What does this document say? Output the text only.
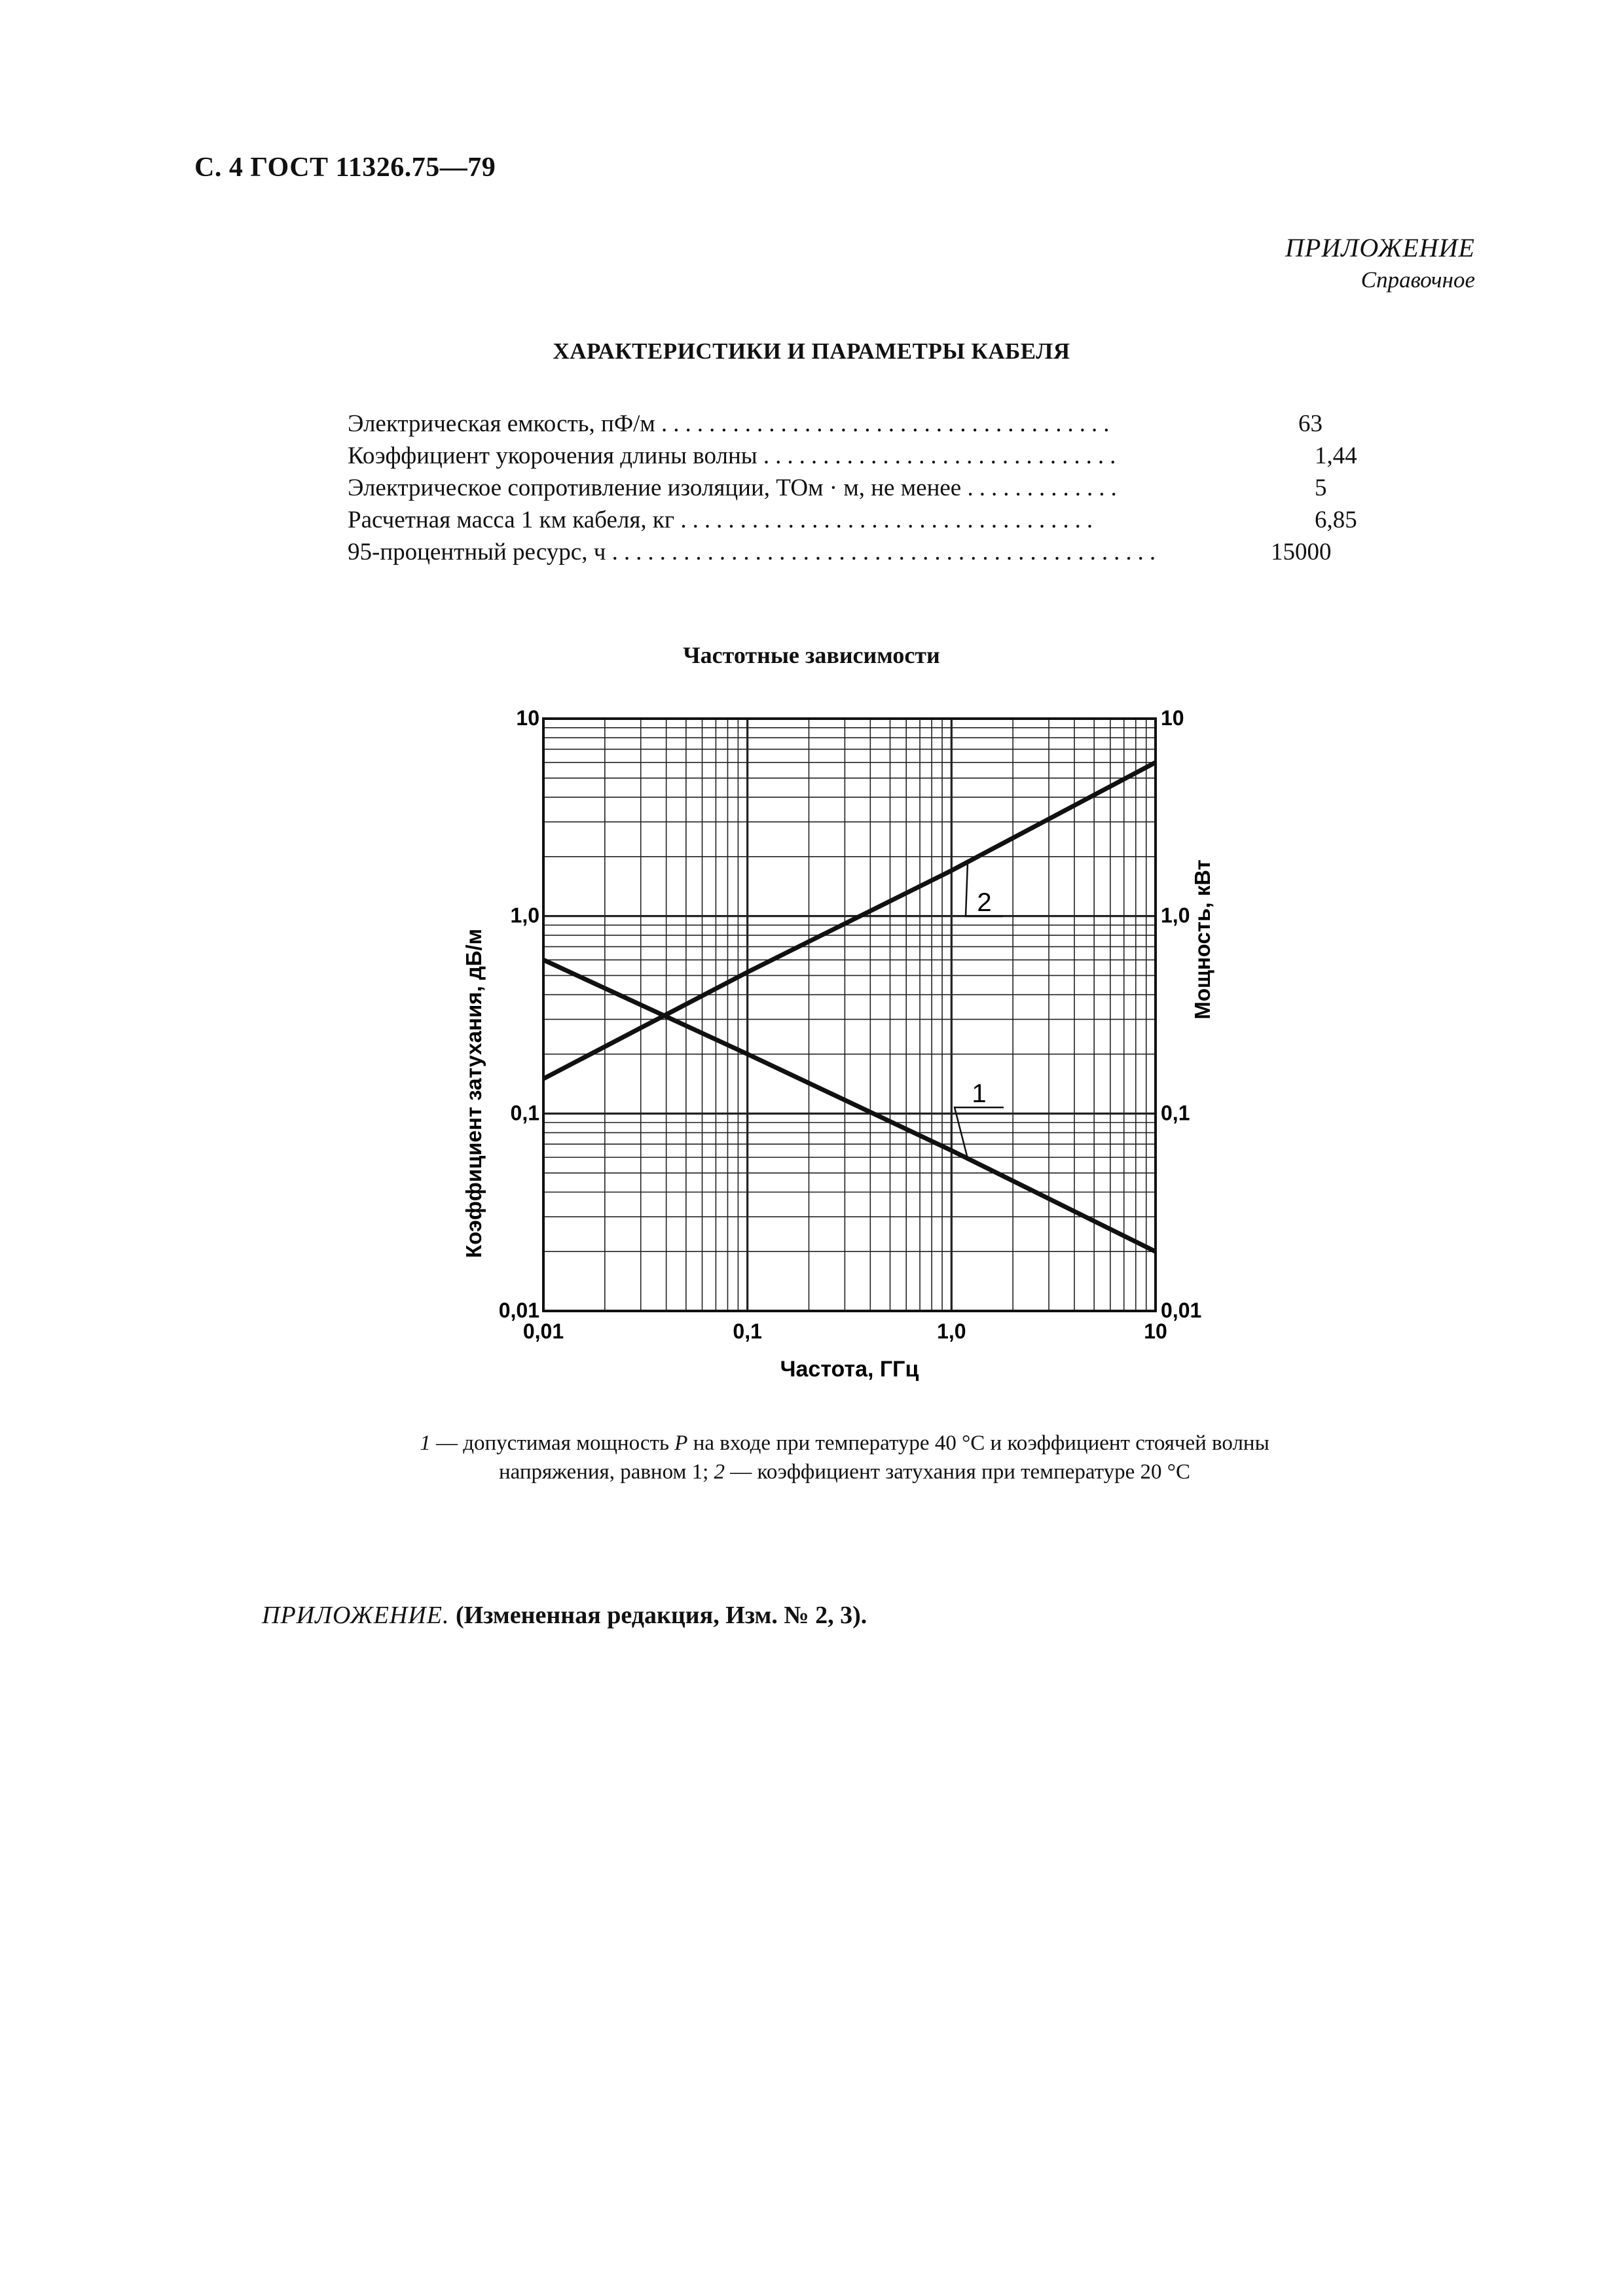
С. 4 ГОСТ 11326.75—79
ПРИЛОЖЕНИЕ
Справочное
ХАРАКТЕРИСТИКИ И ПАРАМЕТРЫ КАБЕЛЯ
Электрическая емкость, пФ/м ......................................	63
Коэффициент укорочения длины волны ..............................	1,44
Электрическое сопротивление изоляции, ТОм · м, не менее .............	5
Расчетная масса 1 км кабеля, кг ...................................	6,85
95-процентный ресурс, ч ..............................................	15000
Частотные зависимости
0,01	0,1	1,0	10
0,01
0,1
1,0
10
0,01
0,1
1,0
10
2
1
Частота, ГГц
Коэффициент затухания, дБ/м	Мощность, кВт
1 — допустимая мощность P на входе при температуре 40 °С и коэффициент стоячей волны напряжения, равном 1; 2 — коэффициент затухания при температуре 20 °С
ПРИЛОЖЕНИЕ. (Измененная редакция, Изм. № 2, 3).
